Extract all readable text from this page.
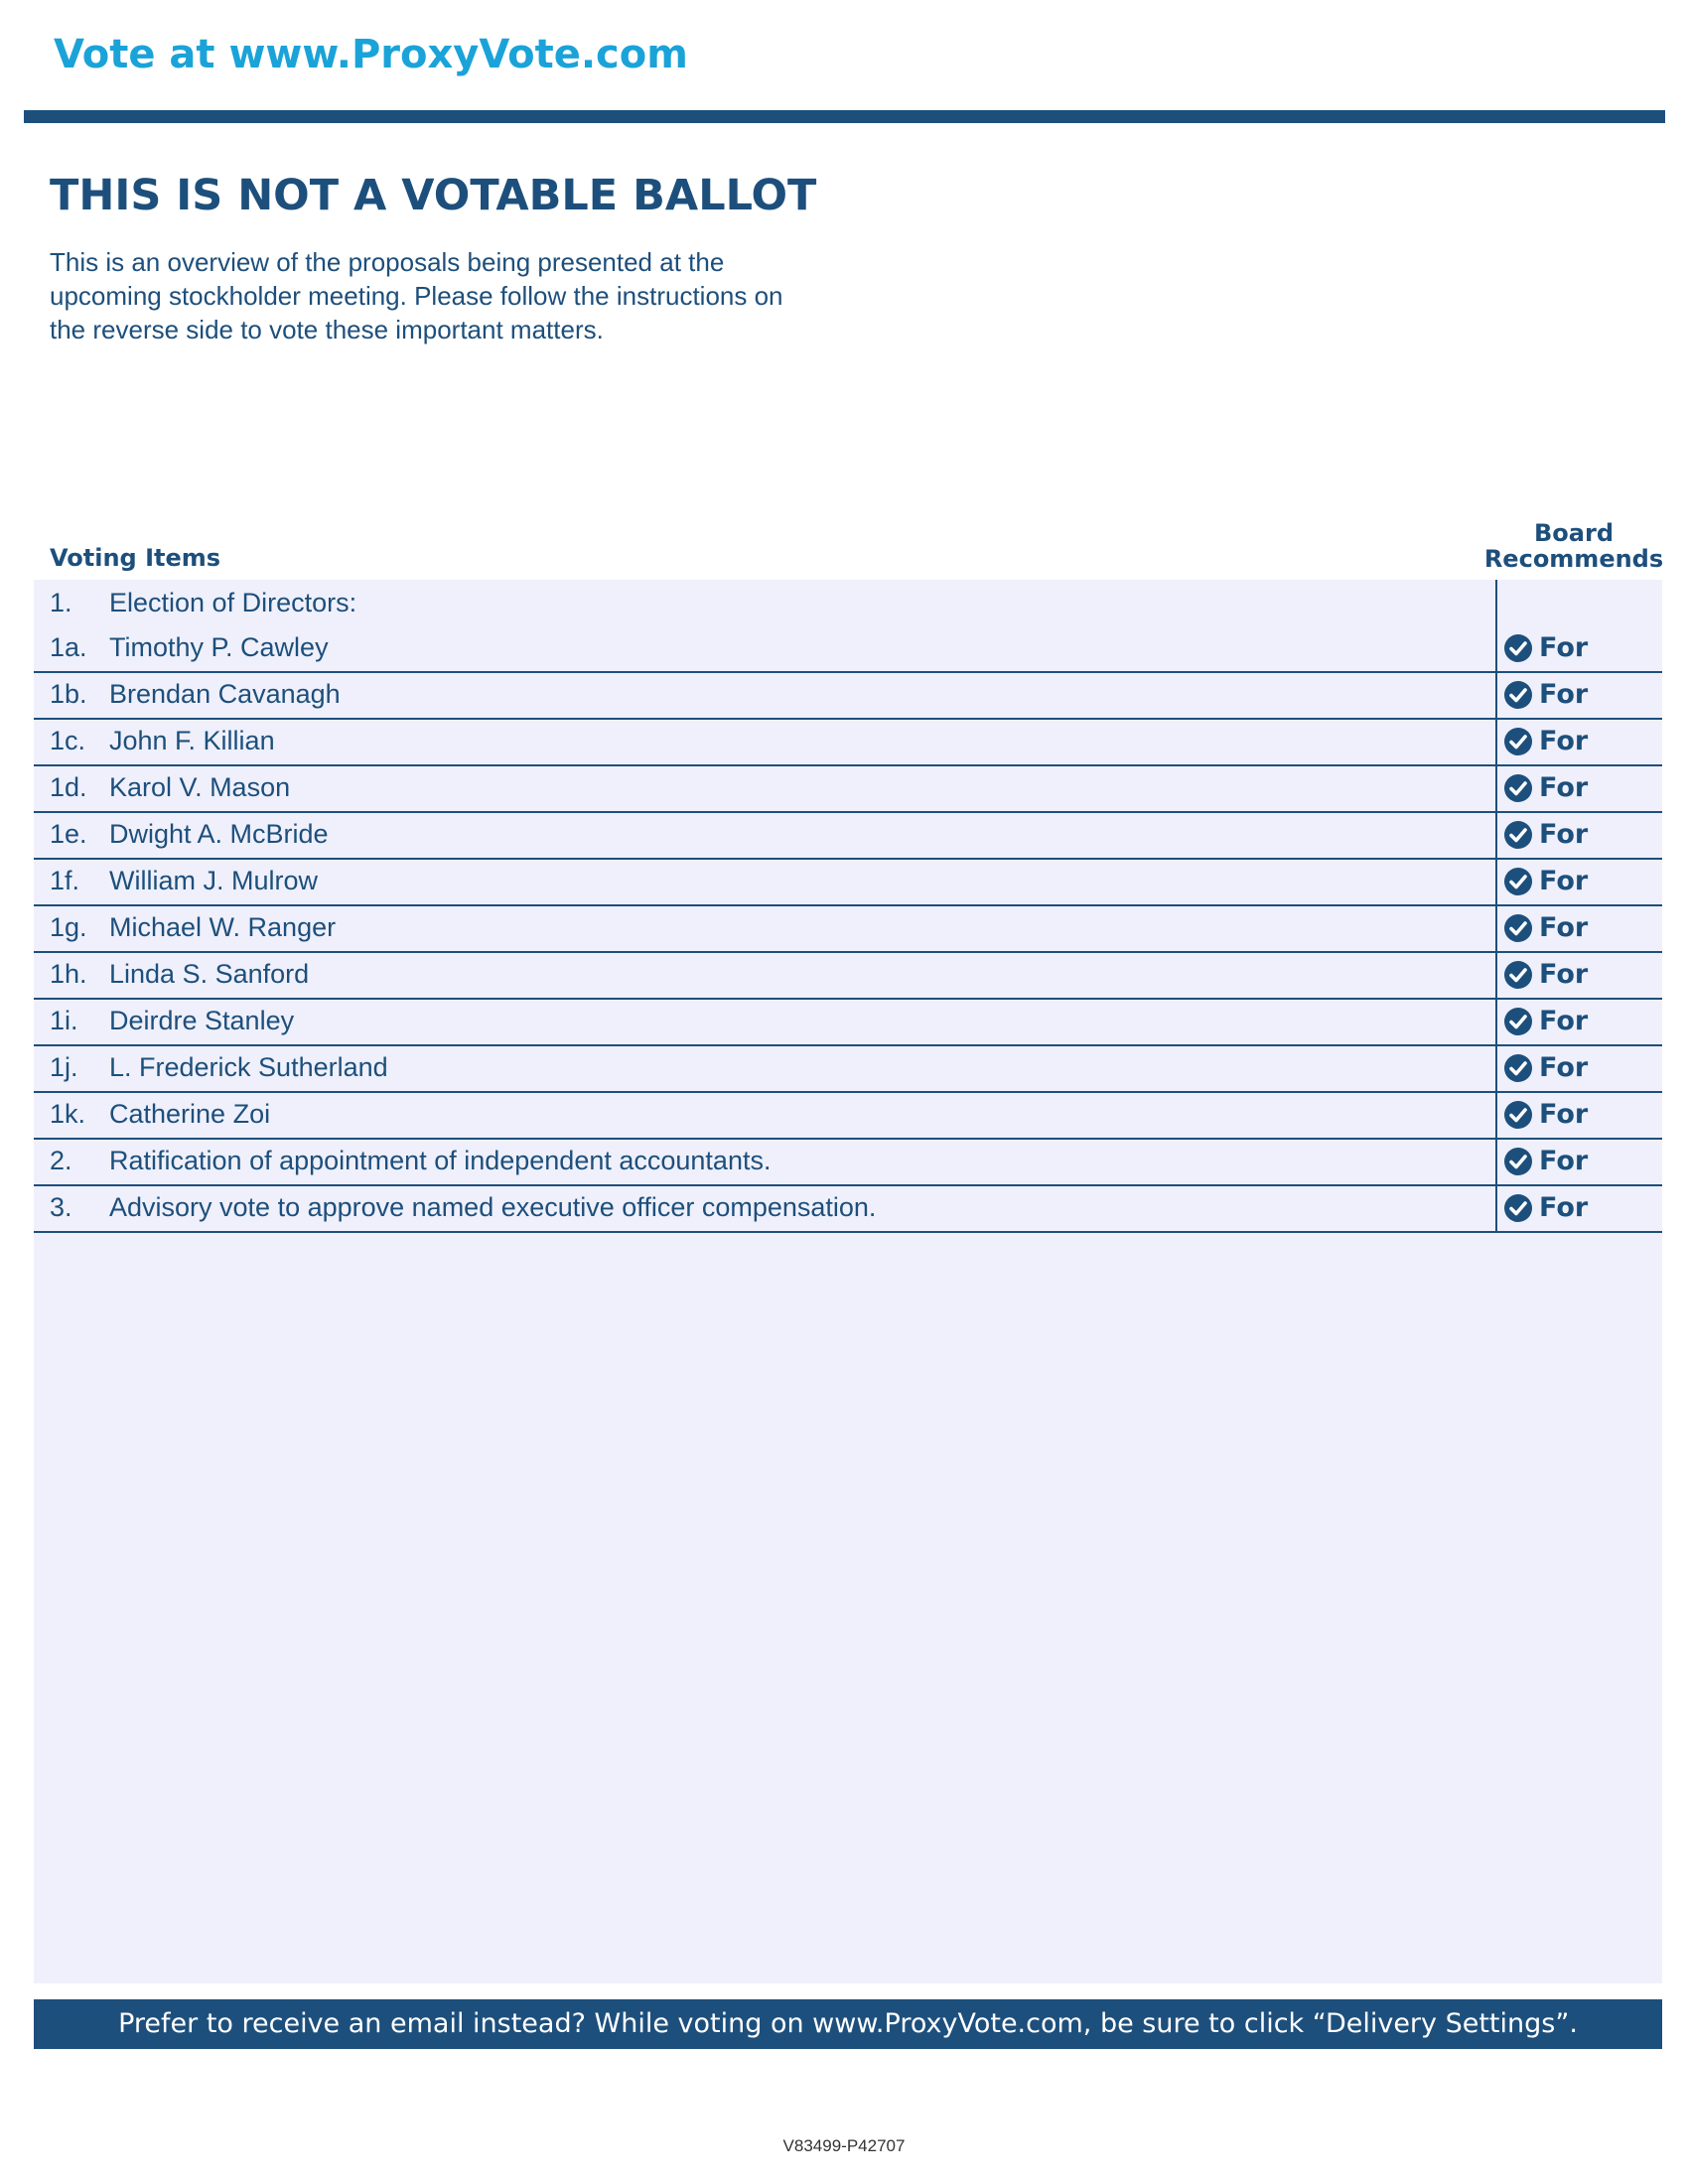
Vote at www.ProxyVote.com
THIS IS NOT A VOTABLE BALLOT
This is an overview of the proposals being presented at the
upcoming stockholder meeting. Please follow the instructions on
the reverse side to vote these important matters.
Voting Items
Board
Recommends
1. Election of Directors:
1a. Timothy P. Cawley	For
1b. Brendan Cavanagh	For
1c. John F. Killian	For
1d. Karol V. Mason	For
1e. Dwight A. McBride	For
1f. William J. Mulrow	For
1g. Michael W. Ranger	For
1h. Linda S. Sanford	For
1i. Deirdre Stanley	For
1j. L. Frederick Sutherland	For
1k. Catherine Zoi	For
2. Ratification of appointment of independent accountants.	For
3. Advisory vote to approve named executive officer compensation.	For
Prefer to receive an email instead? While voting on www.ProxyVote.com, be sure to click “Delivery Settings”.
V83499-P42707
